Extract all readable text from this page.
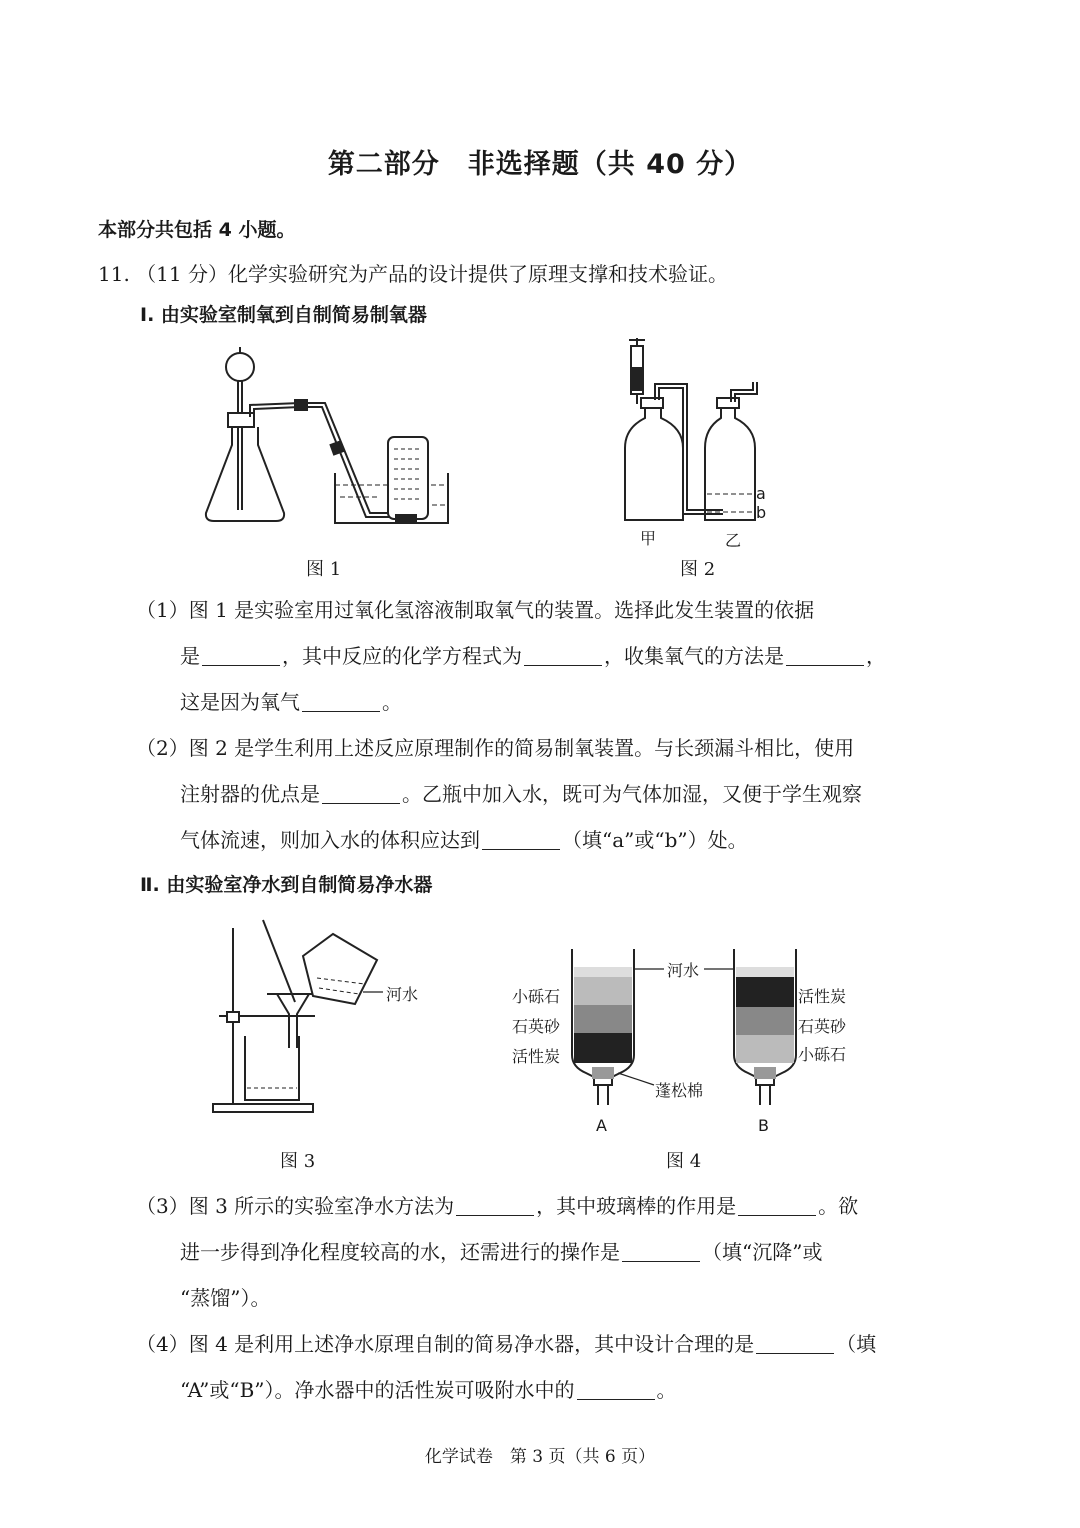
第二部分　非选择题（共 40 分）
本部分共包括 4 小题。
11. （11 分）化学实验研究为产品的设计提供了原理支撑和技术验证。
Ⅰ. 由实验室制氧到自制简易制氧器
图 1
a
b
甲	乙
图 2
（1）图 1 是实验室用过氧化氢溶液制取氧气的装置。选择此发生装置的依据
是	，其中反应的化学方程式为	，收集氧气的方法是	，
这是因为氧气	。
（2）图 2 是学生利用上述反应原理制作的简易制氧装置。与长颈漏斗相比，使用
注射器的优点是	。乙瓶中加入水，既可为气体加湿，又便于学生观察
气体流速，则加入水的体积应达到	（填“a”或“b”）处。
Ⅱ. 由实验室净水到自制简易净水器
河水
图 3
河水
小砾石
石英砂
活性炭
活性炭
石英砂
小砾石
蓬松棉
A	B
图 4
（3）图 3 所示的实验室净水方法为	，其中玻璃棒的作用是	。欲
进一步得到净化程度较高的水，还需进行的操作是	（填“沉降”或
“蒸馏”）。
（4）图 4 是利用上述净水原理自制的简易净水器，其中设计合理的是	（填
“A”或“B”）。净水器中的活性炭可吸附水中的	。
化学试卷　第 3 页（共 6 页）
